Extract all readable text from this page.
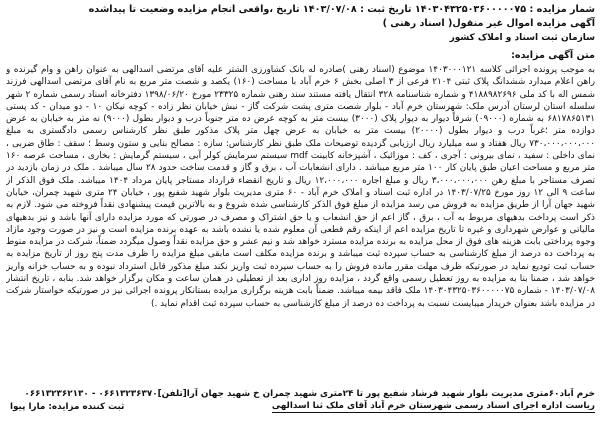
شمار مزایده : ۱۴۰۳۰۴۳۲۵۰۳۶۰۰۰۰۰۷۵ تاریخ ثبت : ۱۴۰۳/۰۷/۰۸ تاریخ ،واقعی انجام مزایده وضعیت تا پیداشده
آگهی مزایده اموال غیر منقول( اسناد رهنی )
سازمان ثبت اسناد و املاک کشور
متن آگهی مزایده:
به موجب پرونده اجرائی کلاسه ۱۴۰۳۰۰۰۱۲۱ موضوع (اسناد رهنی )صادره له بانک کشاورزی الشتر علیه آقای مرتضی اسدالهی به عنوان راهن و وام گیرنده و راهن اعلام میدارد ششدانگ پلاک ثبتی ۲۱۰۴ فرعی از ۳ اصلی بخش ۶ خرم آباد با مساحت (۱۶۰) یکصد و شصت متر مربع به نام آقای مرتضی اسدالهی فرزند شمس اله با کد ملی ۴۱۸۸۹۸۲۶۹۶ و شماره شناسنامه ۳۲۸ انتقال یافته مستند سند رهنی شماره ۲۳۳۲۵ مورخ ۱۳۹۸/۰۶/۲۰ دفترخانه اسناد رسمی شماره ۲ شهر سلسله استان لرستان آدرس ملک: شهرستان خرم آباد - بلوار شصت متری پشت شرکت گاز - نبش خیابان نظر زاده - کوچه نیکان ۱۰ - دو میدان - کد پستی ۶۸۱۷۸۶۵۱۳۱ به شماره (۰۹۰۰۰) شرقاً دیوار به دیوار پلاک (۳۰۰۰) بیست متر به کوچه عرض ده متر جنوباً درب و دیوار بطول (۹۰۰۰) نه متر به خیابان به عرض دوازده متر ؛غرباً درب و دیوار بطول (۲۰۰۰۰) بیست متر به خیابان به عرض چهل متر پلاک مذکور طبق نظر کارشناس رسمی دادگستری به مبلغ ۷۳۰،۰۰۰،۰۰۰،۰۰۰ ریال هفتاد و سه میلیارد ریال ارزیابی گردیده توضیحات ملک طبق نظر کارشناس: سازه : مصالح بنایی و ستون وسط ؛ سقف : طاق ضربی ، نمای داخلی : سفید ، نمای بیرونی : آجری ، کف : موزائیک ، آشپزخانه کابینت mdf سیستم سرمایش کولر آبی ، سیستم گرمایش : بخاری ، مساحت عرصه ۱۶۰ متر مربع و مساحت اعیان طبق پایان کار ۱۰۰ متر مربع میباشد . دارای انشعابات آب ، برق و گاز و قدمت ساخت حدود ۲۸ سال میباشد . ملک در زمان بازدید در تصرف مستاجر با مبلغ رهن ۳،۰۰۰،۰۰۰،۰۰۰ ریال و مبلغ اجاره ۱۲،۰۰۰،۰۰۰ ریال و تاریخ انقضاء قرارداد مستاجر پایان مرداد ۱۴۰۴ میباشد. ملک فوق الذکر از ساعت ۹ الی ۱۲ روز مورخ ۱۴۰۳/۰۷/۲۵ در اداره ثبت اسناد و املاک خرم آباد - ۶۰ متری مدیریت بلوار شهید شفیع پور ، خیابان ۲۴ متری شهید چمران، خیابان شهید جهان آرا از طریق مزایده به فروش می رسد مزایده از مبلغ فوق الذکر کارشناسی شده شروع و به بالاترین قیمت پیشنهادی نقداً فروخته می شود. لازم به ذکر است پرداخت بدهیهای مربوط به آب ، برق ، گاز اعم از حق انشعاب و یا حق اشتراک و مصرف در صورتی که مورد مزایده دارای آنها باشد و نیز بدهیهای مالیاتی و عوارض شهرداری و غیره تا تاریخ مزایده اعم از اینکه رقم قطعی آن معلوم شده یا نشده باشد به عهده برنده مزایده است و نیز در صورت وجود مازاد وجوه پرداختی بابت هزینه های فوق از محل مزایده به برنده مزایده مسترد خواهد شد و نیم عشر و حق مزایده نقداً وصول میگردد ضمناً، شرکت در مزایده منوط به پرداخت ده درصد از مبلغ کارشناسی به حساب سپرده ثبت میباشد و برنده مزایده مکلف است مابقی مبلغ مزایده را ظرف مدت پنج روز از تاریخ مزایده به حساب ثبت تودیع نماید در صورتیکه ظرف مهلت مقرر مانده فروش را به حساب سپرده ثبت واریز نکند مبلغ مذکور قابل استرداد نبوده و به حساب خزانه واریز خواهد شد ، ضمنا بنا به مزایده به روز تعطیل رسمی واقع گردد ، مزایده روز اداری بعد از تعطیلی در همان ساعت و مکان برگزار خواهد شد. بنابه ، تاریخ انتشار ۱۴۰۳/۰۷/۰۸ - شماره ۱۴۰۳۰۴۳۲۵۰۳۶۰۰۰۰۰۷۵ ملک فاقد بیمه میباشد. ضمناً بابت هزینه برگزاری مزایده بستانکار پرونده اجرائی نیز در صورتیکه خواستار شرکت در مزایده باشد بعنوان خریدار میبایست نسبت به پرداخت ده درصد از مبلغ کارشناسی به حساب سپرده ثبت اقدام نماید .)
خرم آباد۶۰متری مدیریت بلوار شهید فرشاد شفیع پور تا ۲۴متری شهید چمران خ شهید جهان آرا[تلفن]۰۶۶۱۳۲۳۶۳۷۰ - ۰۶۶۱۳۲۳۶۲۱۳۰
ریاست اداره اجرای اسناد رسمی شهرستان خرم آباد آقای ملک ثنا اسدالهی
ثبت کننده مزایده: مارا پیوا
